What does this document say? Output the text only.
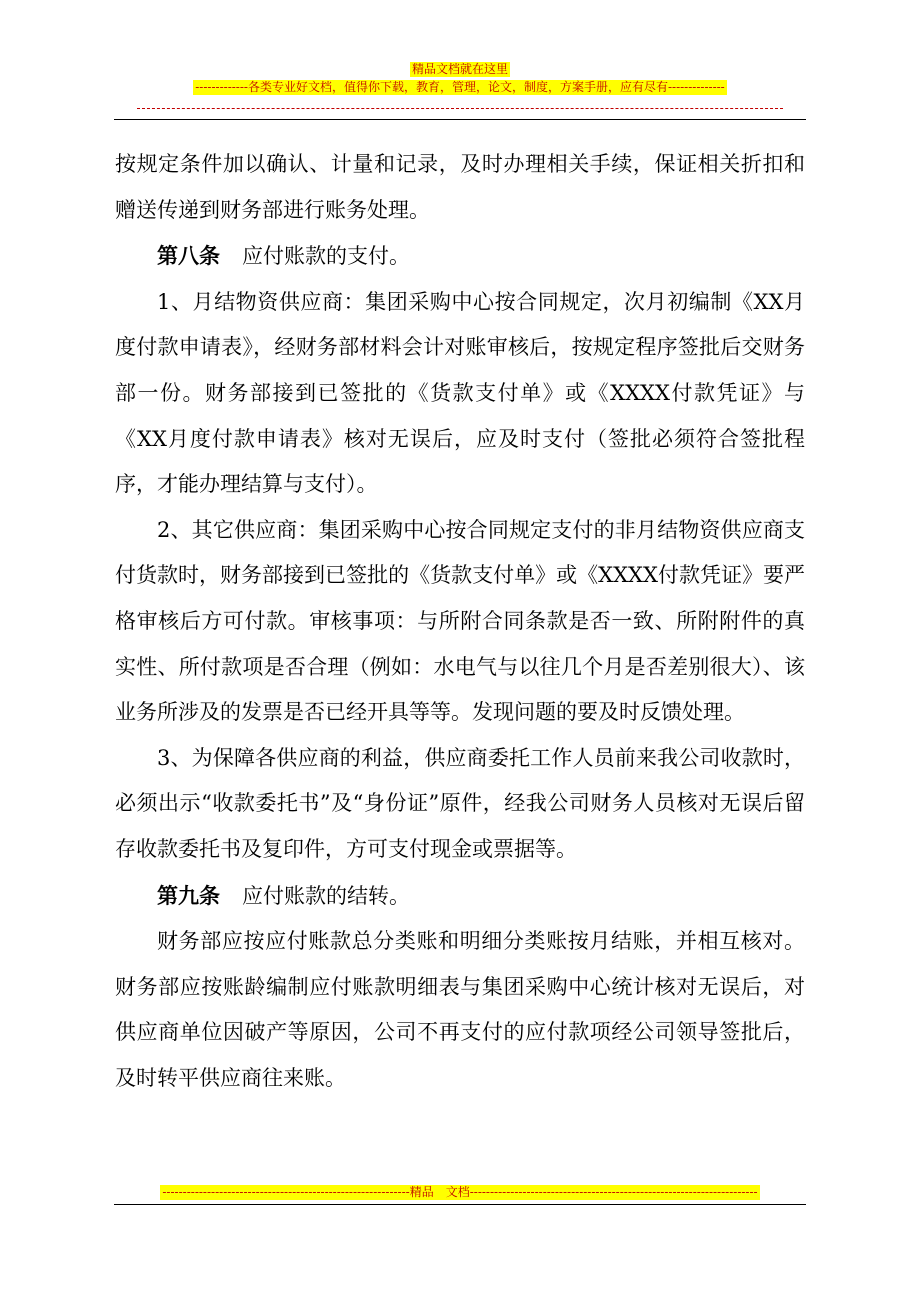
精品文档就在这里
-------------各类专业好文档，值得你下载，教育，管理，论文，制度，方案手册，应有尽有--------------

按规定条件加以确认、计量和记录，及时办理相关手续，保证相关折扣和赠送传递到财务部进行账务处理。

第八条 应付账款的支付。

1、月结物资供应商：集团采购中心按合同规定，次月初编制《XX月度付款申请表》，经财务部材料会计对账审核后，按规定程序签批后交财务部一份。财务部接到已签批的《货款支付单》或《XXXX付款凭证》与《XX月度付款申请表》核对无误后，应及时支付（签批必须符合签批程序，才能办理结算与支付）。

2、其它供应商：集团采购中心按合同规定支付的非月结物资供应商支付货款时，财务部接到已签批的《货款支付单》或《XXXX付款凭证》要严格审核后方可付款。审核事项：与所附合同条款是否一致、所附附件的真实性、所付款项是否合理（例如：水电气与以往几个月是否差别很大）、该业务所涉及的发票是否已经开具等等。发现问题的要及时反馈处理。

3、为保障各供应商的利益，供应商委托工作人员前来我公司收款时，必须出示“收款委托书”及“身份证”原件，经我公司财务人员核对无误后留存收款委托书及复印件，方可支付现金或票据等。

第九条 应付账款的结转。

财务部应按应付账款总分类账和明细分类账按月结账，并相互核对。财务部应按账龄编制应付账款明细表与集团采购中心统计核对无误后，对供应商单位因破产等原因，公司不再支付的应付款项经公司领导签批后，及时转平供应商往来账。

-------------------------------------------------------------精品　文档-----------------------------------------------------------------------
